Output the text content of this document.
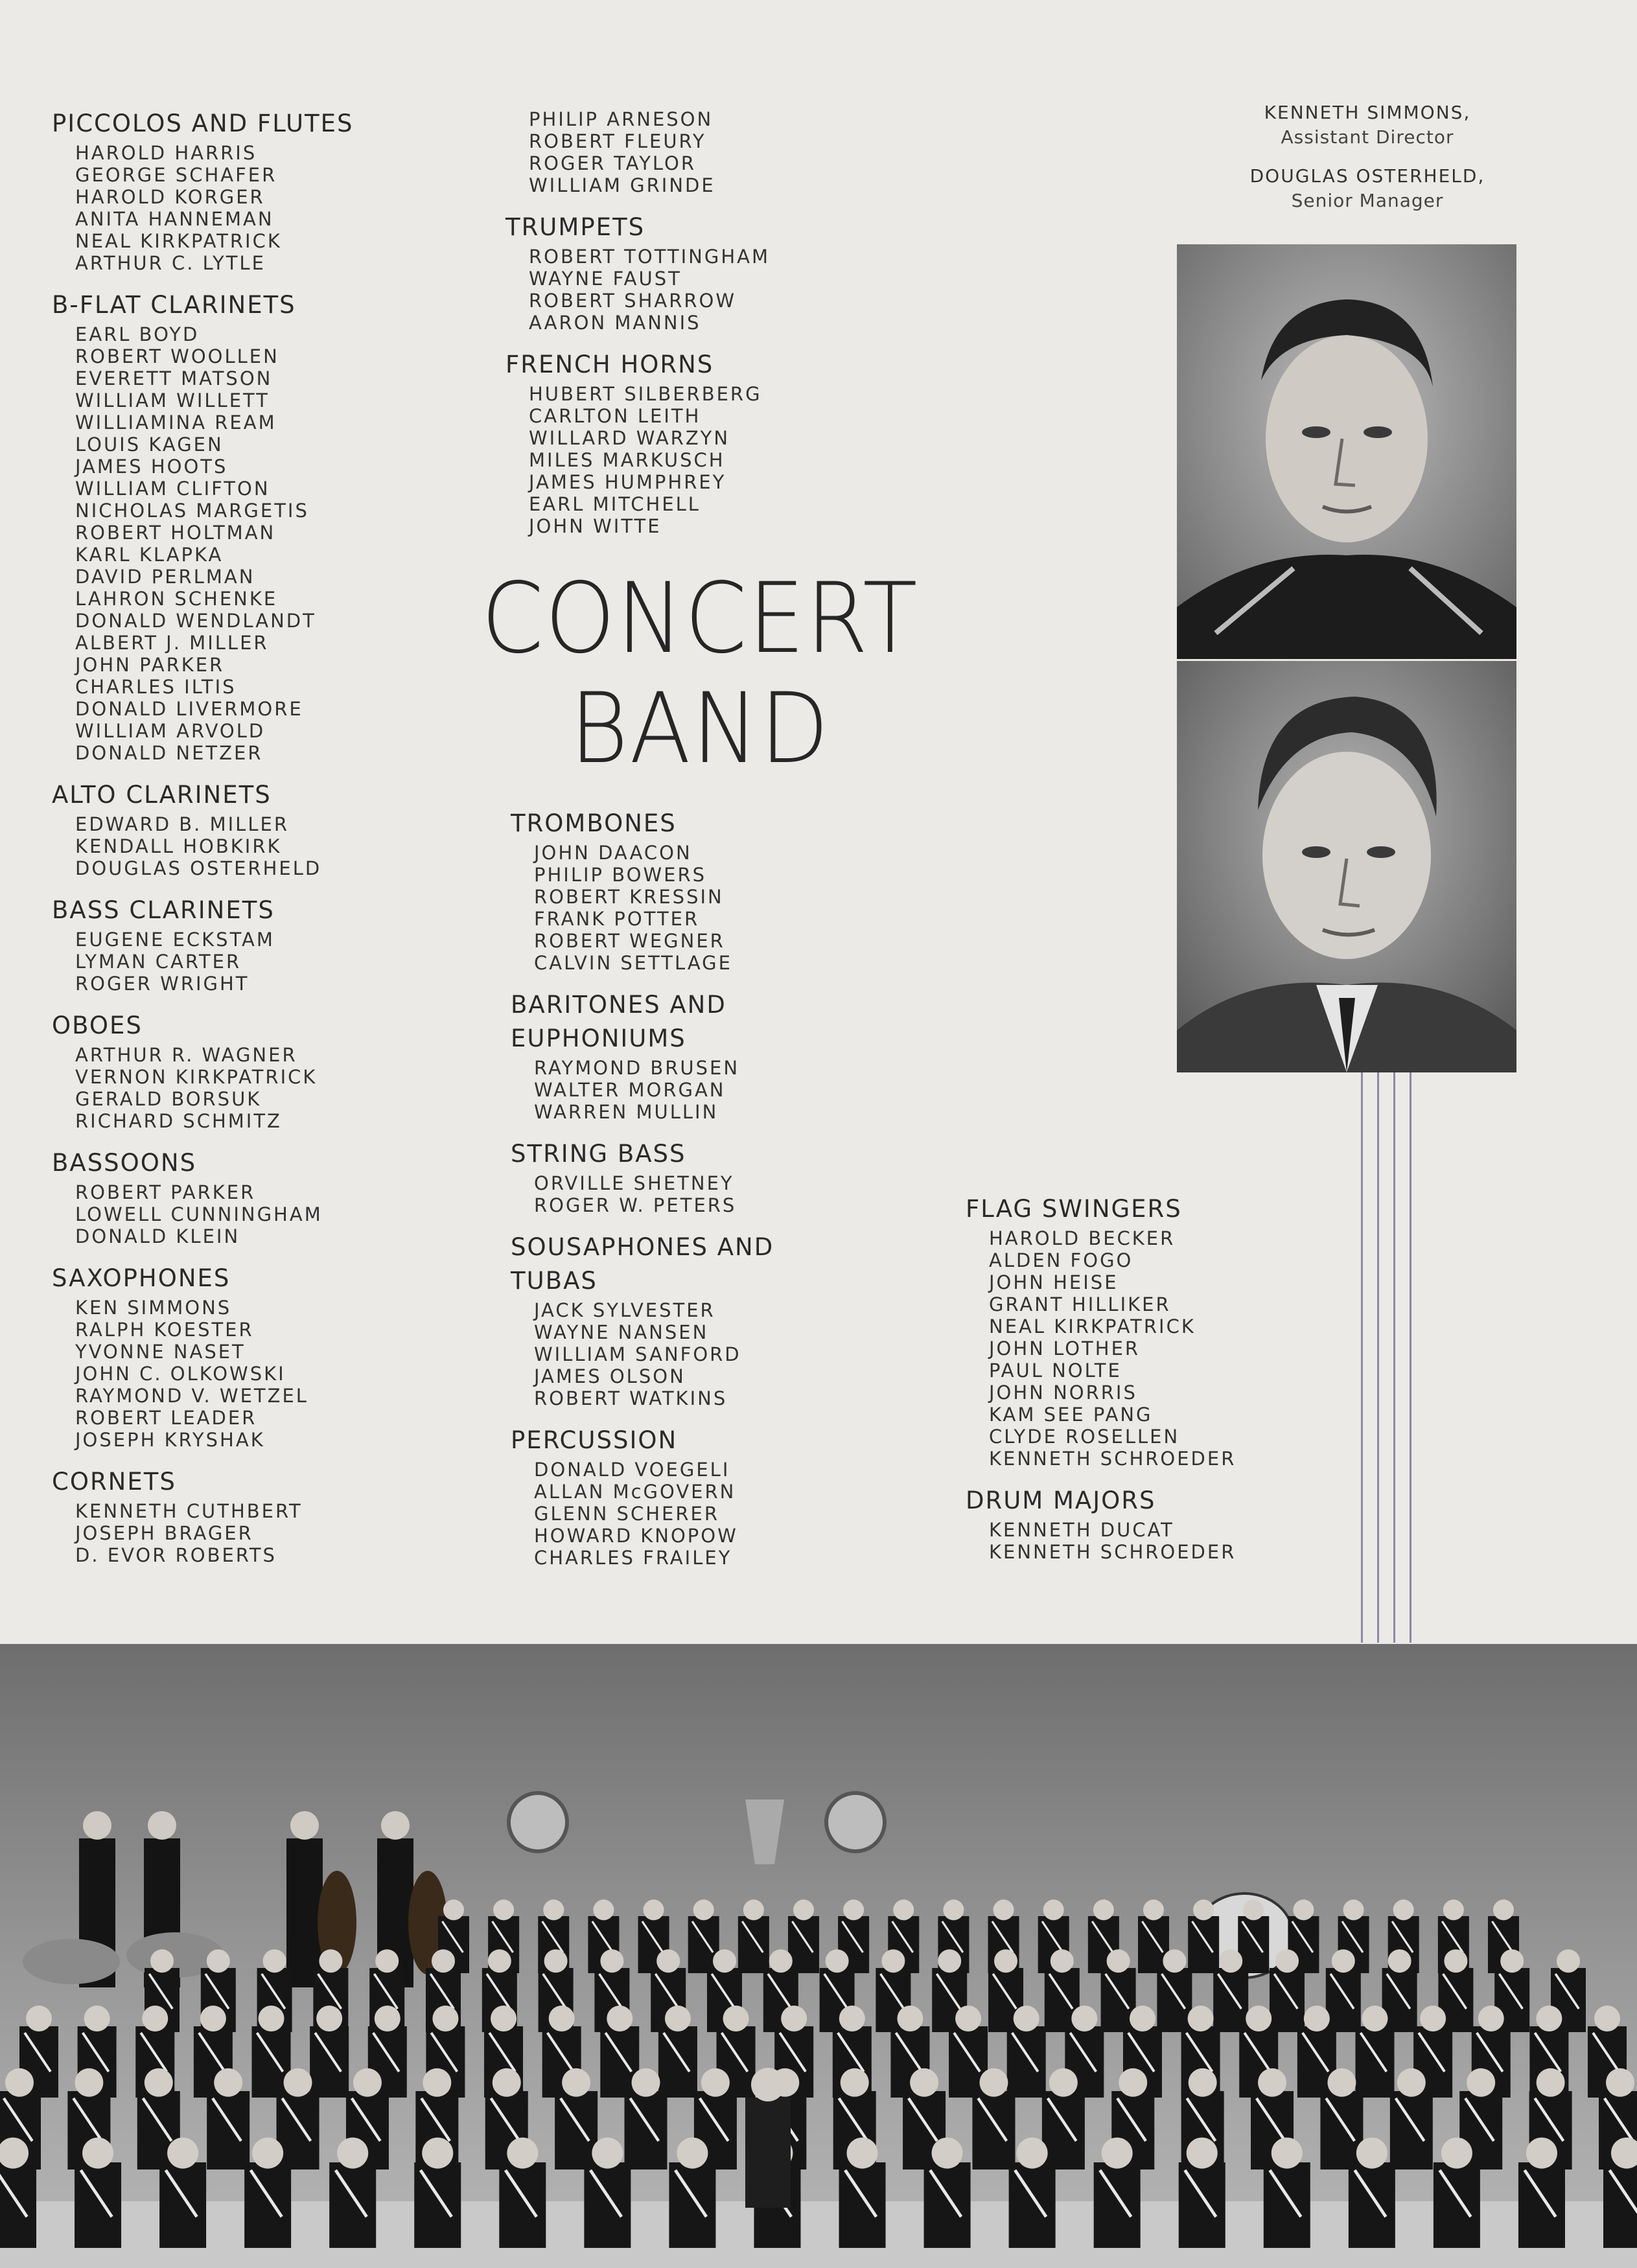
PICCOLOS AND FLUTES
HAROLD HARRIS
GEORGE SCHAFER
HAROLD KORGER
ANITA HANNEMAN
NEAL KIRKPATRICK
ARTHUR C. LYTLE
B-FLAT CLARINETS
EARL BOYD
ROBERT WOOLLEN
EVERETT MATSON
WILLIAM WILLETT
WILLIAMINA REAM
LOUIS KAGEN
JAMES HOOTS
WILLIAM CLIFTON
NICHOLAS MARGETIS
ROBERT HOLTMAN
KARL KLAPKA
DAVID PERLMAN
LAHRON SCHENKE
DONALD WENDLANDT
ALBERT J. MILLER
JOHN PARKER
CHARLES ILTIS
DONALD LIVERMORE
WILLIAM ARVOLD
DONALD NETZER
ALTO CLARINETS
EDWARD B. MILLER
KENDALL HOBKIRK
DOUGLAS OSTERHELD
BASS CLARINETS
EUGENE ECKSTAM
LYMAN CARTER
ROGER WRIGHT
OBOES
ARTHUR R. WAGNER
VERNON KIRKPATRICK
GERALD BORSUK
RICHARD SCHMITZ
BASSOONS
ROBERT PARKER
LOWELL CUNNINGHAM
DONALD KLEIN
SAXOPHONES
KEN SIMMONS
RALPH KOESTER
YVONNE NASET
JOHN C. OLKOWSKI
RAYMOND V. WETZEL
ROBERT LEADER
JOSEPH KRYSHAK
CORNETS
KENNETH CUTHBERT
JOSEPH BRAGER
D. EVOR ROBERTS
PHILIP ARNESON
ROBERT FLEURY
ROGER TAYLOR
WILLIAM GRINDE
TRUMPETS
ROBERT TOTTINGHAM
WAYNE FAUST
ROBERT SHARROW
AARON MANNIS
FRENCH HORNS
HUBERT SILBERBERG
CARLTON LEITH
WILLARD WARZYN
MILES MARKUSCH
JAMES HUMPHREY
EARL MITCHELL
JOHN WITTE
CONCERT
BAND
TROMBONES
JOHN DAACON
PHILIP BOWERS
ROBERT KRESSIN
FRANK POTTER
ROBERT WEGNER
CALVIN SETTLAGE
BARITONES AND
EUPHONIUMS
RAYMOND BRUSEN
WALTER MORGAN
WARREN MULLIN
STRING BASS
ORVILLE SHETNEY
ROGER W. PETERS
SOUSAPHONES AND
TUBAS
JACK SYLVESTER
WAYNE NANSEN
WILLIAM SANFORD
JAMES OLSON
ROBERT WATKINS
PERCUSSION
DONALD VOEGELI
ALLAN McGOVERN
GLENN SCHERER
HOWARD KNOPOW
CHARLES FRAILEY
FLAG SWINGERS
HAROLD BECKER
ALDEN FOGO
JOHN HEISE
GRANT HILLIKER
NEAL KIRKPATRICK
JOHN LOTHER
PAUL NOLTE
JOHN NORRIS
KAM SEE PANG
CLYDE ROSELLEN
KENNETH SCHROEDER
DRUM MAJORS
KENNETH DUCAT
KENNETH SCHROEDER
KENNETH SIMMONS,
Assistant Director
DOUGLAS OSTERHELD,
Senior Manager
